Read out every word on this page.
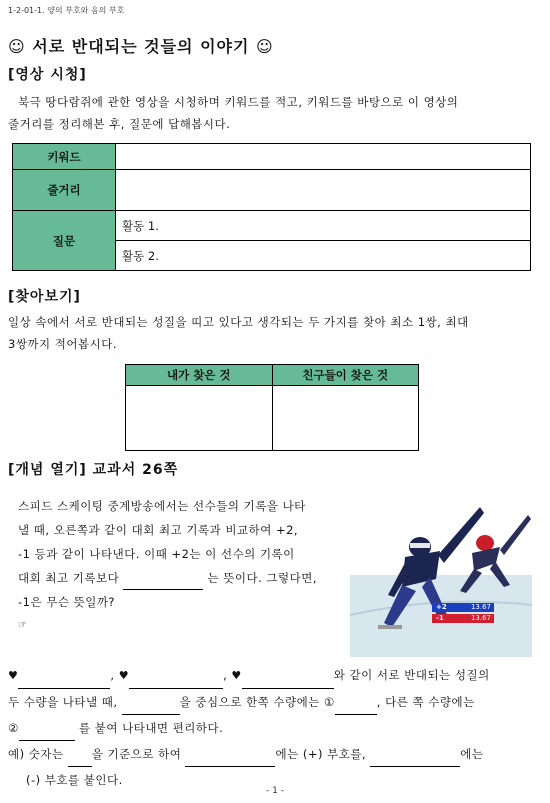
1-2-01-1. 양의 부호와 음의 부호
☺ 서로 반대되는 것들의 이야기 ☺
[영상 시청]
북극 땅다람쥐에 관한 영상을 시청하며 키워드를 적고, 키워드를 바탕으로 이 영상의
줄거리를 정리해본 후, 질문에 답해봅시다.
키워드	
줄거리	
질문	활동 1.
	활동 2.
[찾아보기]
일상 속에서 서로 반대되는 성질을 띠고 있다고 생각되는 두 가지를 찾아 최소 1쌍, 최대
3쌍까지 적어봅시다.
내가 찾은 것	친구들이 찾은 것

[개념 열기] 교과서 26쪽
스피드 스케이팅 중계방송에서는 선수들의 기록을 나타
낼 때, 오른쪽과 같이 대회 최고 기록과 비교하여 +2,
-1 등과 같이 나타낸다. 이때 +2는 이 선수의 기록이
대회 최고 기록보다	는 뜻이다. 그렇다면,
-1은 무슨 뜻일까?
☞
+2	13.67
-1	13.67
♥	, ♥	, ♥	와 같이 서로 반대되는 성질의
두 수량을 나타낼 때,	을 중심으로 한쪽 수량에는 ①	, 다른 쪽 수량에는
②	를 붙여 나타내면 편리하다.
예) 숫자는 을 기준으로 하여	에는 (+) 부호를,	에는
(-) 부호를 붙인다.
- 1 -
